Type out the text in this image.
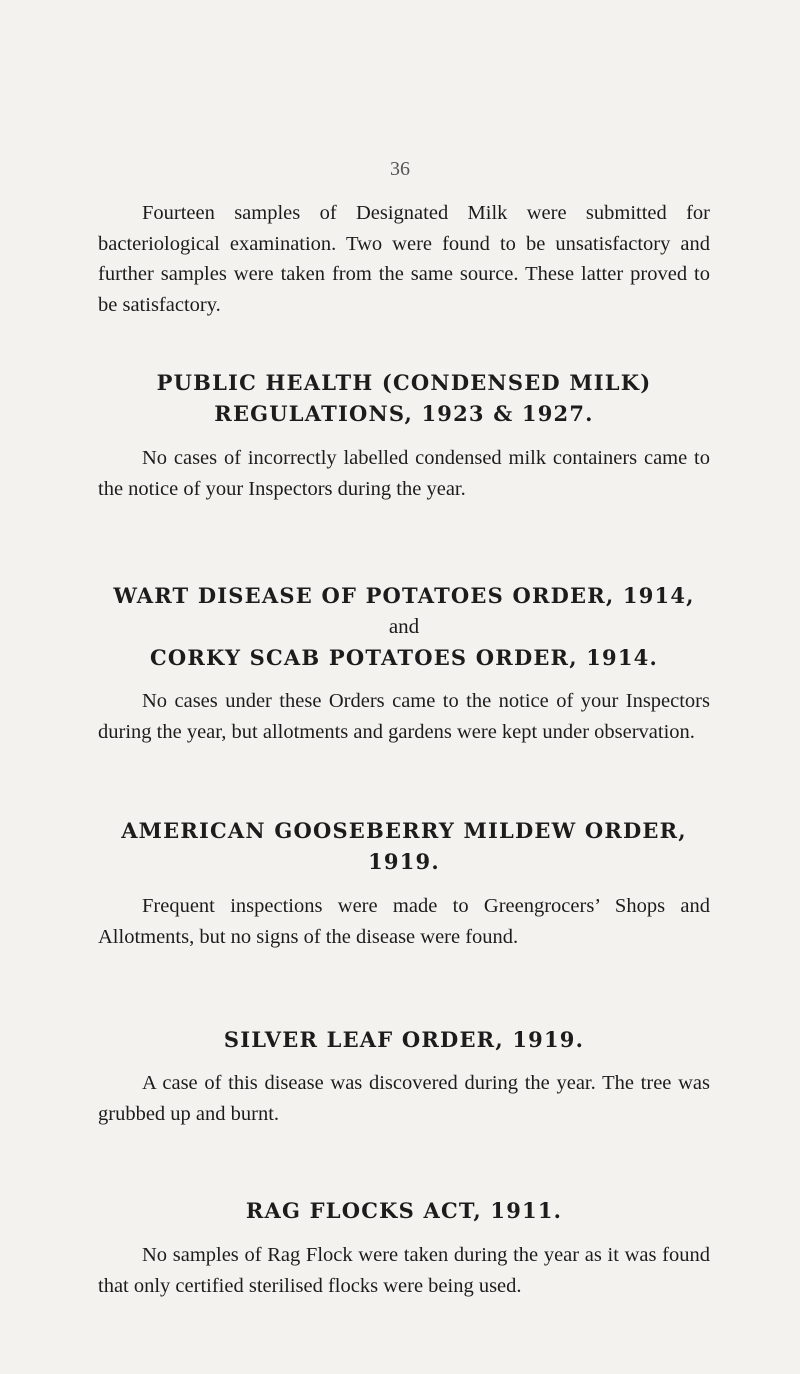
36

Fourteen samples of Designated Milk were submitted for bacteriological examination. Two were found to be unsatisfactory and further samples were taken from the same source. These latter proved to be satisfactory.

PUBLIC HEALTH (CONDENSED MILK)
REGULATIONS, 1923 & 1927.

No cases of incorrectly labelled condensed milk containers came to the notice of your Inspectors during the year.

WART DISEASE OF POTATOES ORDER, 1914,
and
CORKY SCAB POTATOES ORDER, 1914.

No cases under these Orders came to the notice of your Inspectors during the year, but allotments and gardens were kept under observation.

AMERICAN GOOSEBERRY MILDEW ORDER,
1919.

Frequent inspections were made to Greengrocers’ Shops and Allotments, but no signs of the disease were found.

SILVER LEAF ORDER, 1919.

A case of this disease was discovered during the year. The tree was grubbed up and burnt.

RAG FLOCKS ACT, 1911.

No samples of Rag Flock were taken during the year as it was found that only certified sterilised flocks were being used.
